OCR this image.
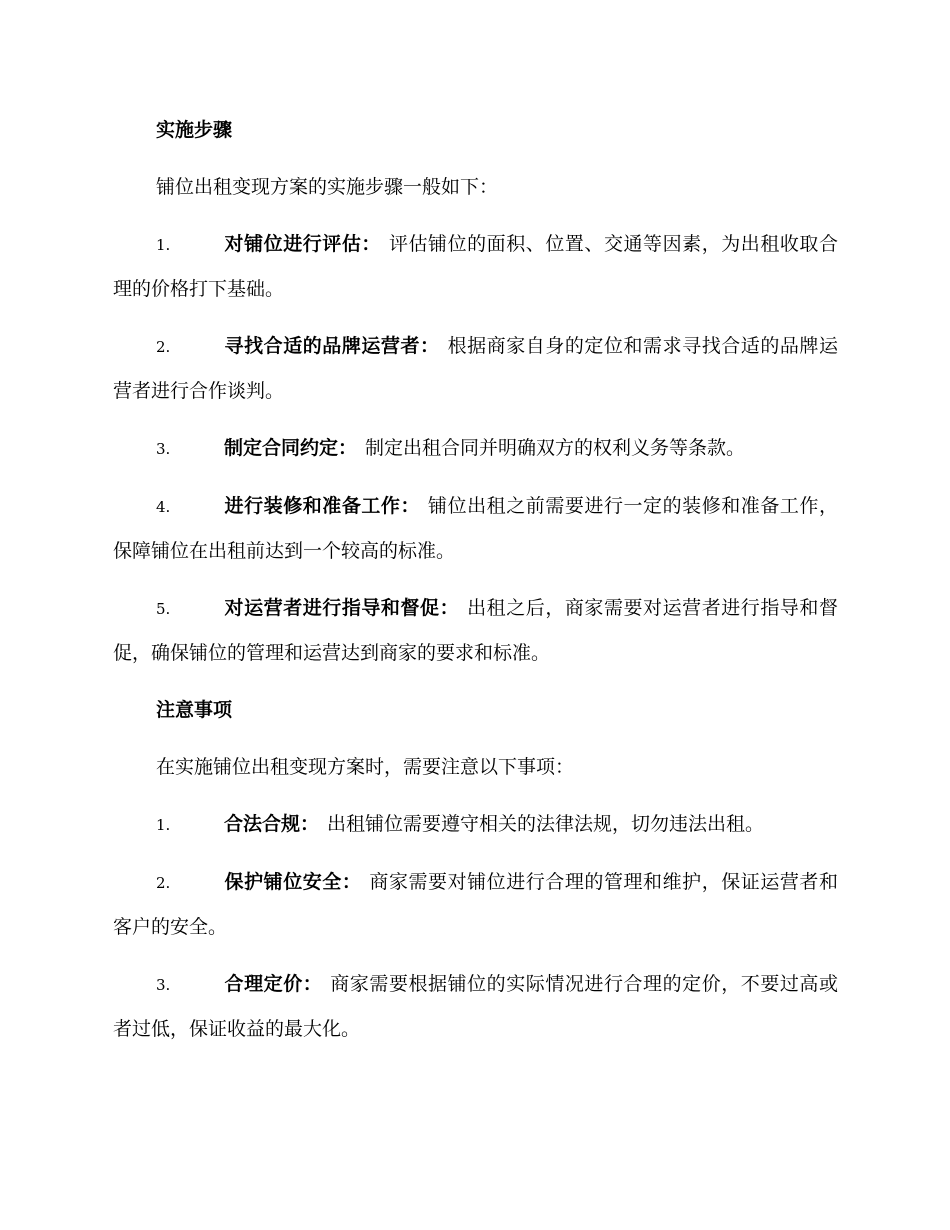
实施步骤

铺位出租变现方案的实施步骤一般如下：

1.	对铺位进行评估： 评估铺位的面积、位置、交通等因素，为出租收取合理的价格打下基础。

2.	寻找合适的品牌运营者： 根据商家自身的定位和需求寻找合适的品牌运营者进行合作谈判。

3.	制定合同约定： 制定出租合同并明确双方的权利义务等条款。

4.	进行装修和准备工作： 铺位出租之前需要进行一定的装修和准备工作，保障铺位在出租前达到一个较高的标准。

5.	对运营者进行指导和督促： 出租之后，商家需要对运营者进行指导和督促，确保铺位的管理和运营达到商家的要求和标准。

注意事项

在实施铺位出租变现方案时，需要注意以下事项：

1.	合法合规： 出租铺位需要遵守相关的法律法规，切勿违法出租。

2.	保护铺位安全： 商家需要对铺位进行合理的管理和维护，保证运营者和客户的安全。

3.	合理定价： 商家需要根据铺位的实际情况进行合理的定价，不要过高或者过低，保证收益的最大化。
